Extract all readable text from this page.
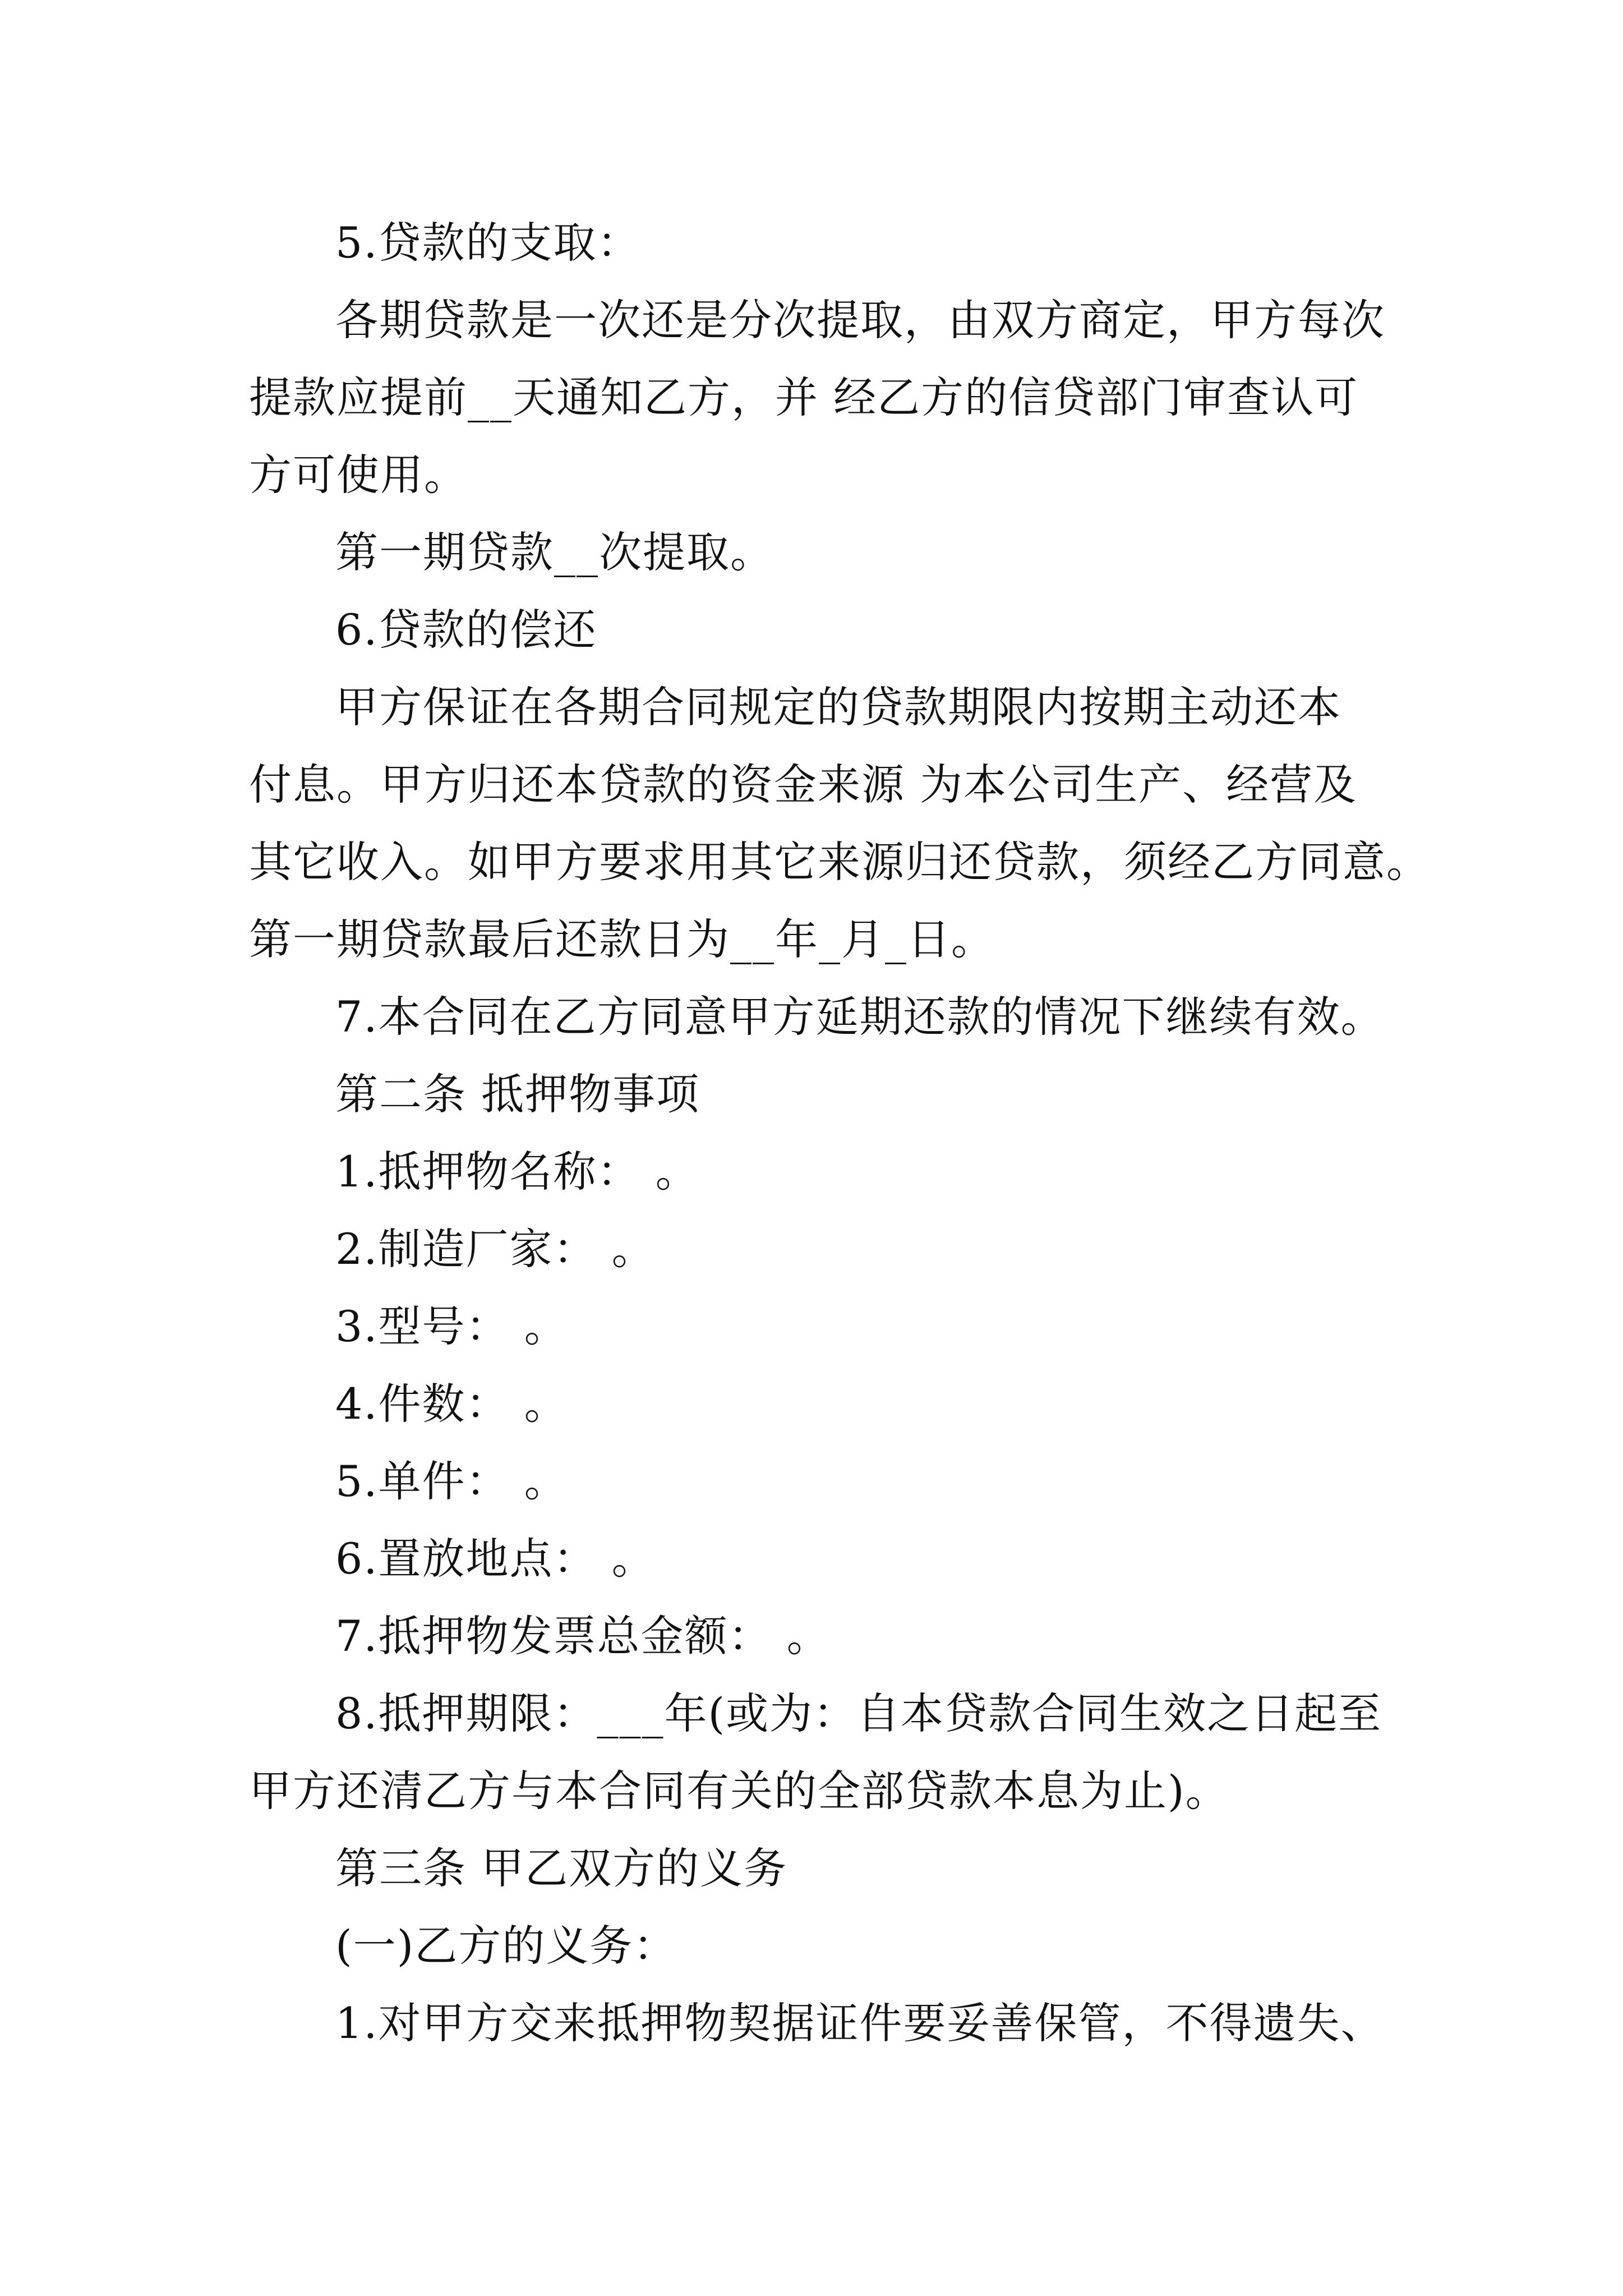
5.贷款的支取：
各期贷款是一次还是分次提取，由双方商定，甲方每次
提款应提前__天通知乙方，并 经乙方的信贷部门审查认可
方可使用。
第一期贷款__次提取。
6.贷款的偿还
甲方保证在各期合同规定的贷款期限内按期主动还本
付息。甲方归还本贷款的资金来源 为本公司生产、经营及
其它收入。如甲方要求用其它来源归还贷款，须经乙方同意。
第一期贷款最后还款日为__年_月_日。
7.本合同在乙方同意甲方延期还款的情况下继续有效。
第二条 抵押物事项
1.抵押物名称： 。
2.制造厂家： 。
3.型号： 。
4.件数： 。
5.单件： 。
6.置放地点： 。
7.抵押物发票总金额： 。
8.抵押期限：___年(或为：自本贷款合同生效之日起至
甲方还清乙方与本合同有关的全部贷款本息为止)。
第三条 甲乙双方的义务
(一)乙方的义务：
1.对甲方交来抵押物契据证件要妥善保管，不得遗失、
